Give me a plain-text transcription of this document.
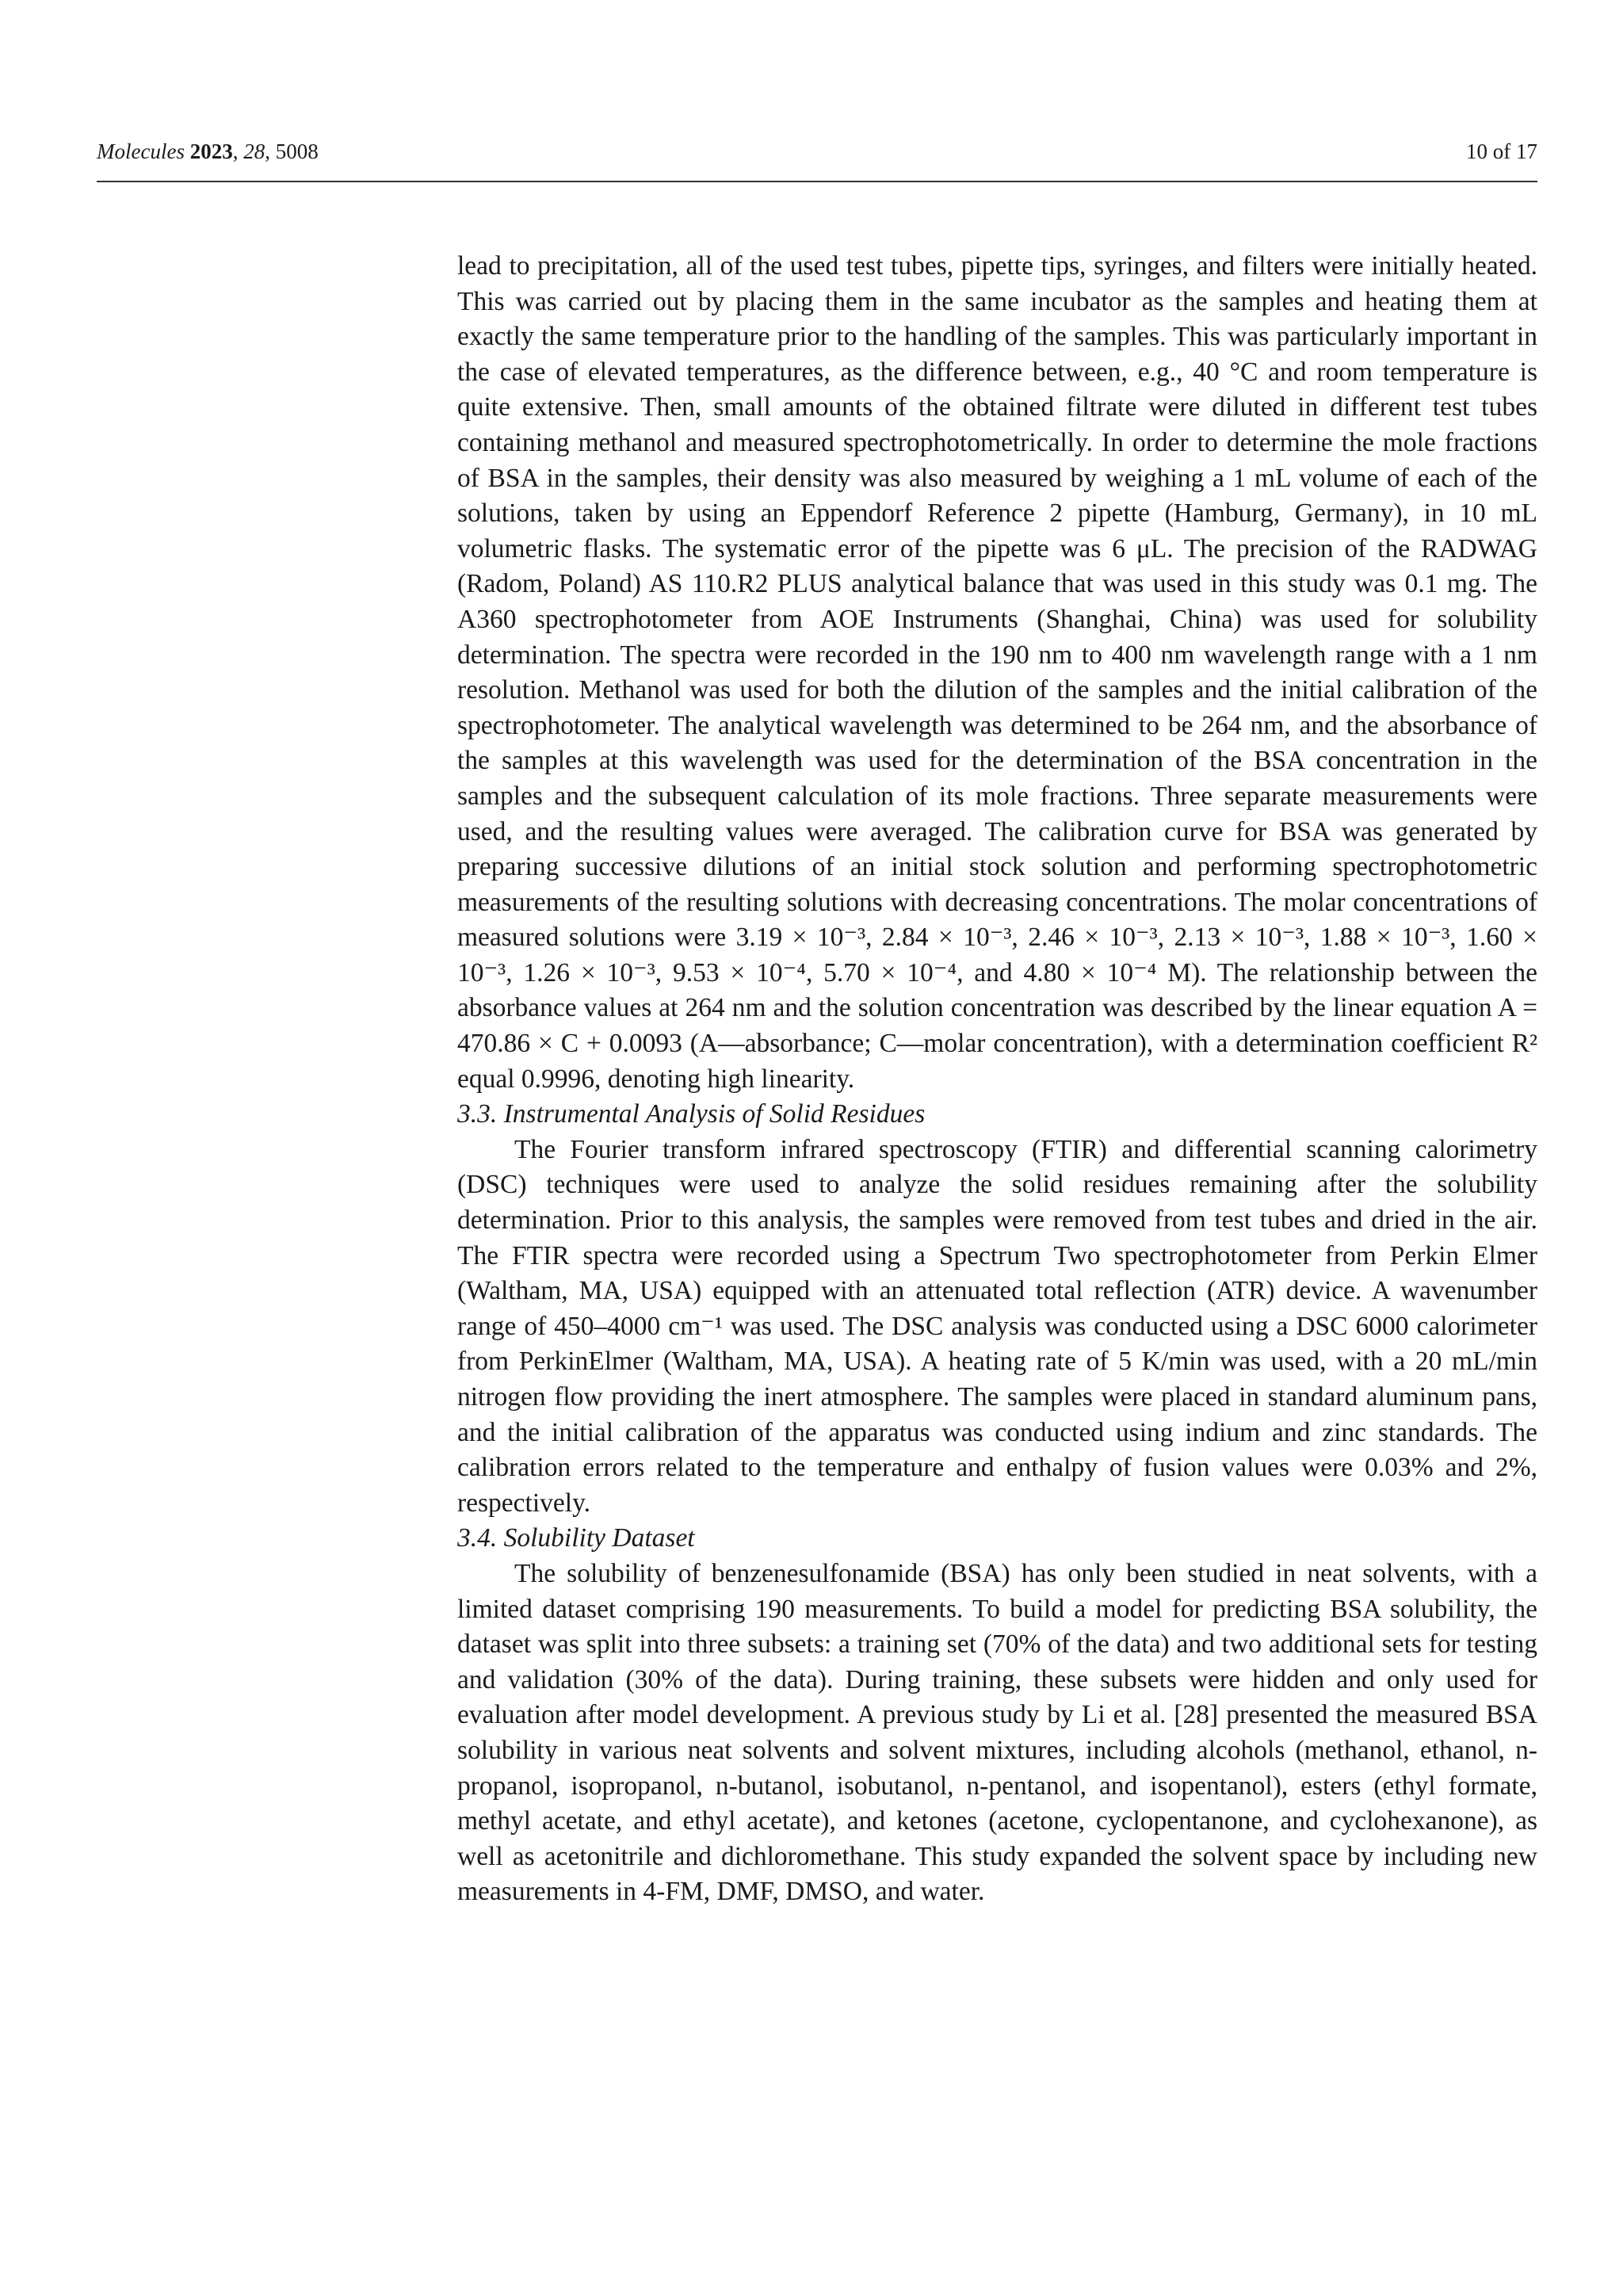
Molecules 2023, 28, 5008	10 of 17

lead to precipitation, all of the used test tubes, pipette tips, syringes, and filters were initially heated. This was carried out by placing them in the same incubator as the samples and heating them at exactly the same temperature prior to the handling of the samples. This was particularly important in the case of elevated temperatures, as the difference between, e.g., 40 °C and room temperature is quite extensive. Then, small amounts of the obtained filtrate were diluted in different test tubes containing methanol and measured spectrophotometrically. In order to determine the mole fractions of BSA in the samples, their density was also measured by weighing a 1 mL volume of each of the solutions, taken by using an Eppendorf Reference 2 pipette (Hamburg, Germany), in 10 mL volumetric flasks. The systematic error of the pipette was 6 μL. The precision of the RADWAG (Radom, Poland) AS 110.R2 PLUS analytical balance that was used in this study was 0.1 mg. The A360 spectrophotometer from AOE Instruments (Shanghai, China) was used for solubility determination. The spectra were recorded in the 190 nm to 400 nm wavelength range with a 1 nm resolution. Methanol was used for both the dilution of the samples and the initial calibration of the spectrophotometer. The analytical wavelength was determined to be 264 nm, and the absorbance of the samples at this wavelength was used for the determination of the BSA concentration in the samples and the subsequent calculation of its mole fractions. Three separate measurements were used, and the resulting values were averaged. The calibration curve for BSA was generated by preparing successive dilutions of an initial stock solution and performing spectrophotometric measurements of the resulting solutions with decreasing concentrations. The molar concentrations of measured solutions were 3.19 × 10⁻³, 2.84 × 10⁻³, 2.46 × 10⁻³, 2.13 × 10⁻³, 1.88 × 10⁻³, 1.60 × 10⁻³, 1.26 × 10⁻³, 9.53 × 10⁻⁴, 5.70 × 10⁻⁴, and 4.80 × 10⁻⁴ M). The relationship between the absorbance values at 264 nm and the solution concentration was described by the linear equation A = 470.86 × C + 0.0093 (A—absorbance; C—molar concentration), with a determination coefficient R² equal 0.9996, denoting high linearity.

3.3. Instrumental Analysis of Solid Residues

The Fourier transform infrared spectroscopy (FTIR) and differential scanning calorimetry (DSC) techniques were used to analyze the solid residues remaining after the solubility determination. Prior to this analysis, the samples were removed from test tubes and dried in the air. The FTIR spectra were recorded using a Spectrum Two spectrophotometer from Perkin Elmer (Waltham, MA, USA) equipped with an attenuated total reflection (ATR) device. A wavenumber range of 450–4000 cm⁻¹ was used. The DSC analysis was conducted using a DSC 6000 calorimeter from PerkinElmer (Waltham, MA, USA). A heating rate of 5 K/min was used, with a 20 mL/min nitrogen flow providing the inert atmosphere. The samples were placed in standard aluminum pans, and the initial calibration of the apparatus was conducted using indium and zinc standards. The calibration errors related to the temperature and enthalpy of fusion values were 0.03% and 2%, respectively.

3.4. Solubility Dataset

The solubility of benzenesulfonamide (BSA) has only been studied in neat solvents, with a limited dataset comprising 190 measurements. To build a model for predicting BSA solubility, the dataset was split into three subsets: a training set (70% of the data) and two additional sets for testing and validation (30% of the data). During training, these subsets were hidden and only used for evaluation after model development. A previous study by Li et al. [28] presented the measured BSA solubility in various neat solvents and solvent mixtures, including alcohols (methanol, ethanol, n-propanol, isopropanol, n-butanol, isobutanol, n-pentanol, and isopentanol), esters (ethyl formate, methyl acetate, and ethyl acetate), and ketones (acetone, cyclopentanone, and cyclohexanone), as well as acetonitrile and dichloromethane. This study expanded the solvent space by including new measurements in 4-FM, DMF, DMSO, and water.
